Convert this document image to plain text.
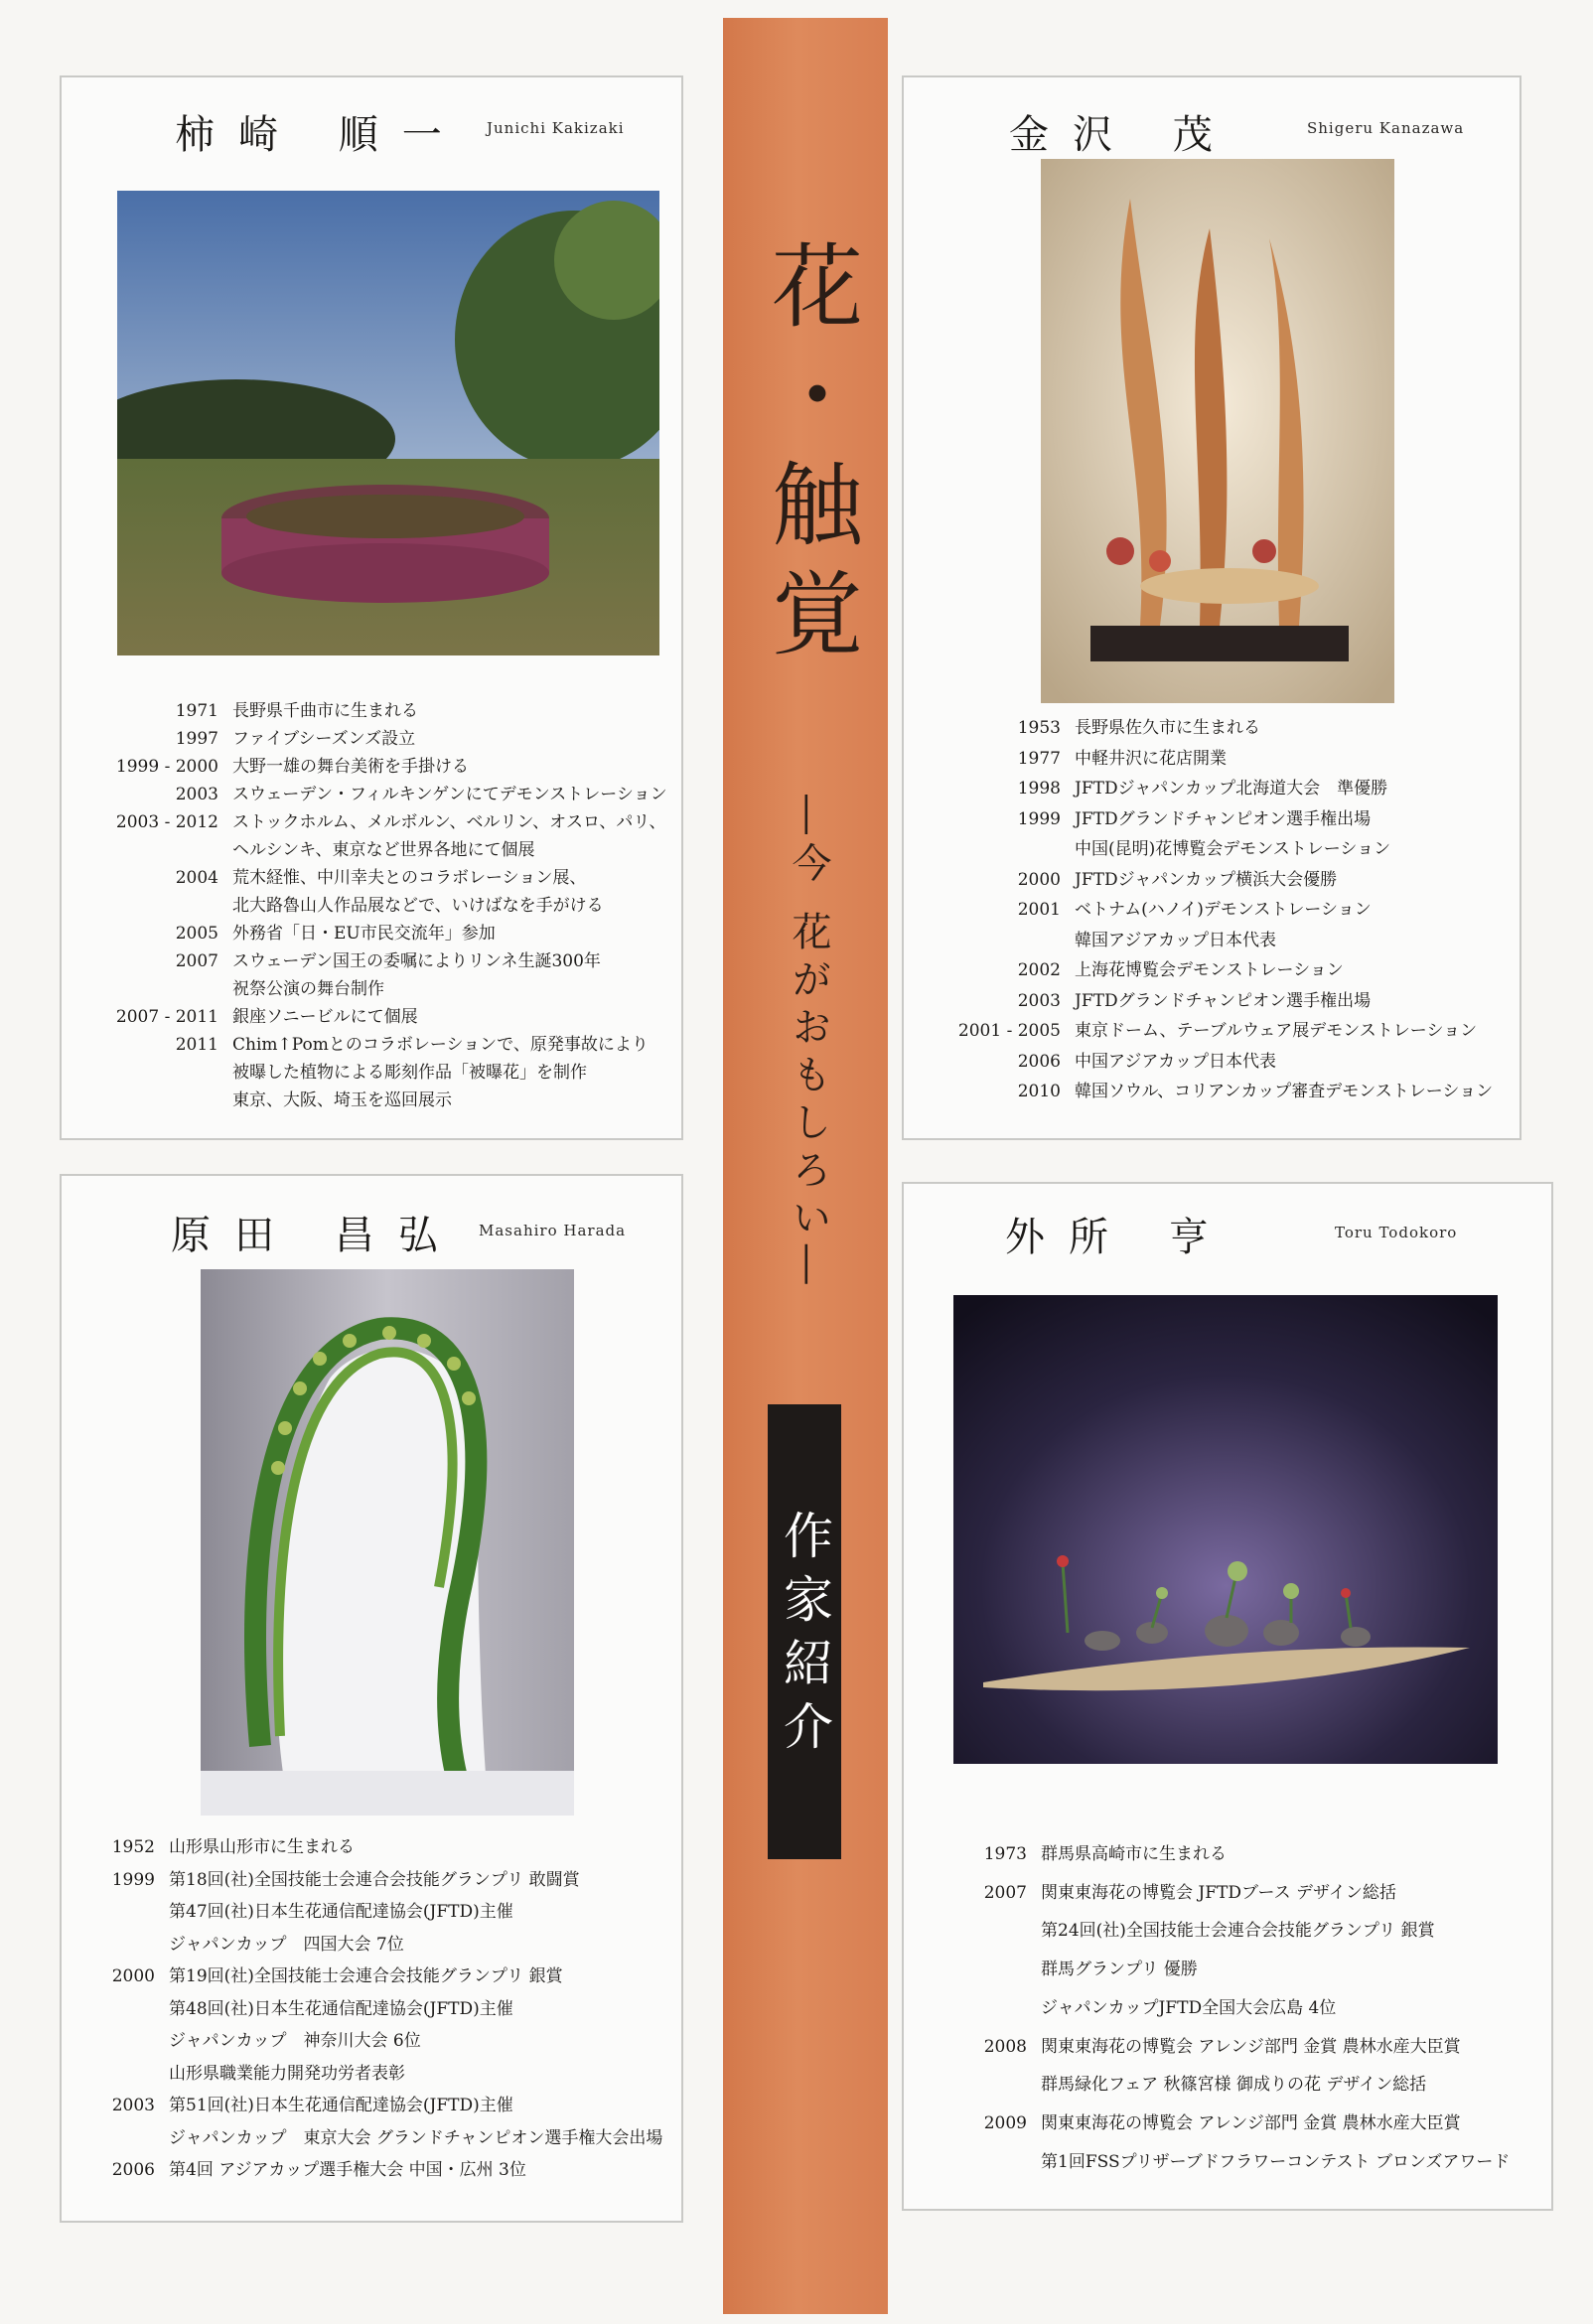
花・触覚
―今 花がおもしろい―
作家紹介
柿崎 順一 Junichi Kakizaki
1971 長野県千曲市に生まれる
1997 ファイブシーズンズ設立
1999 - 2000 大野一雄の舞台美術を手掛ける
2003 スウェーデン・フィルキンゲンにてデモンストレーション
2003 - 2012 ストックホルム、メルボルン、ベルリン、オスロ、パリ、
ヘルシンキ、東京など世界各地にて個展
2004 荒木経惟、中川幸夫とのコラボレーション展、
北大路魯山人作品展などで、いけばなを手がける
2005 外務省「日・EU市民交流年」参加
2007 スウェーデン国王の委嘱によりリンネ生誕300年
祝祭公演の舞台制作
2007 - 2011 銀座ソニービルにて個展
2011 Chim↑Pomとのコラボレーションで、原発事故により
被曝した植物による彫刻作品「被曝花」を制作
東京、大阪、埼玉を巡回展示
金沢 茂	Shigeru Kanazawa
1953 長野県佐久市に生まれる
1977 中軽井沢に花店開業
1998 JFTDジャパンカップ北海道大会　準優勝
1999 JFTDグランドチャンピオン選手権出場
中国(昆明)花博覧会デモンストレーション
2000 JFTDジャパンカップ横浜大会優勝
2001 ベトナム(ハノイ)デモンストレーション
韓国アジアカップ日本代表
2002 上海花博覧会デモンストレーション
2003 JFTDグランドチャンピオン選手権出場
2001 - 2005 東京ドーム、テーブルウェア展デモンストレーション
2006 中国アジアカップ日本代表
2010 韓国ソウル、コリアンカップ審査デモンストレーション
原田 昌弘 Masahiro Harada
1952 山形県山形市に生まれる
1999 第18回(社)全国技能士会連合会技能グランプリ 敢闘賞
第47回(社)日本生花通信配達協会(JFTD)主催
ジャパンカップ　四国大会 7位
2000 第19回(社)全国技能士会連合会技能グランプリ 銀賞
第48回(社)日本生花通信配達協会(JFTD)主催
ジャパンカップ　神奈川大会 6位
山形県職業能力開発功労者表彰
2003 第51回(社)日本生花通信配達協会(JFTD)主催
ジャパンカップ　東京大会 グランドチャンピオン選手権大会出場
2006 第4回 アジアカップ選手権大会 中国・広州 3位
外所 亨	Toru Todokoro
1973 群馬県高崎市に生まれる
2007 関東東海花の博覧会 JFTDブース デザイン総括
第24回(社)全国技能士会連合会技能グランプリ 銀賞
群馬グランプリ 優勝
ジャパンカップJFTD全国大会広島 4位
2008 関東東海花の博覧会 アレンジ部門 金賞 農林水産大臣賞
群馬緑化フェア 秋篠宮様 御成りの花 デザイン総括
2009 関東東海花の博覧会 アレンジ部門 金賞 農林水産大臣賞
第1回FSSプリザーブドフラワーコンテスト ブロンズアワード
